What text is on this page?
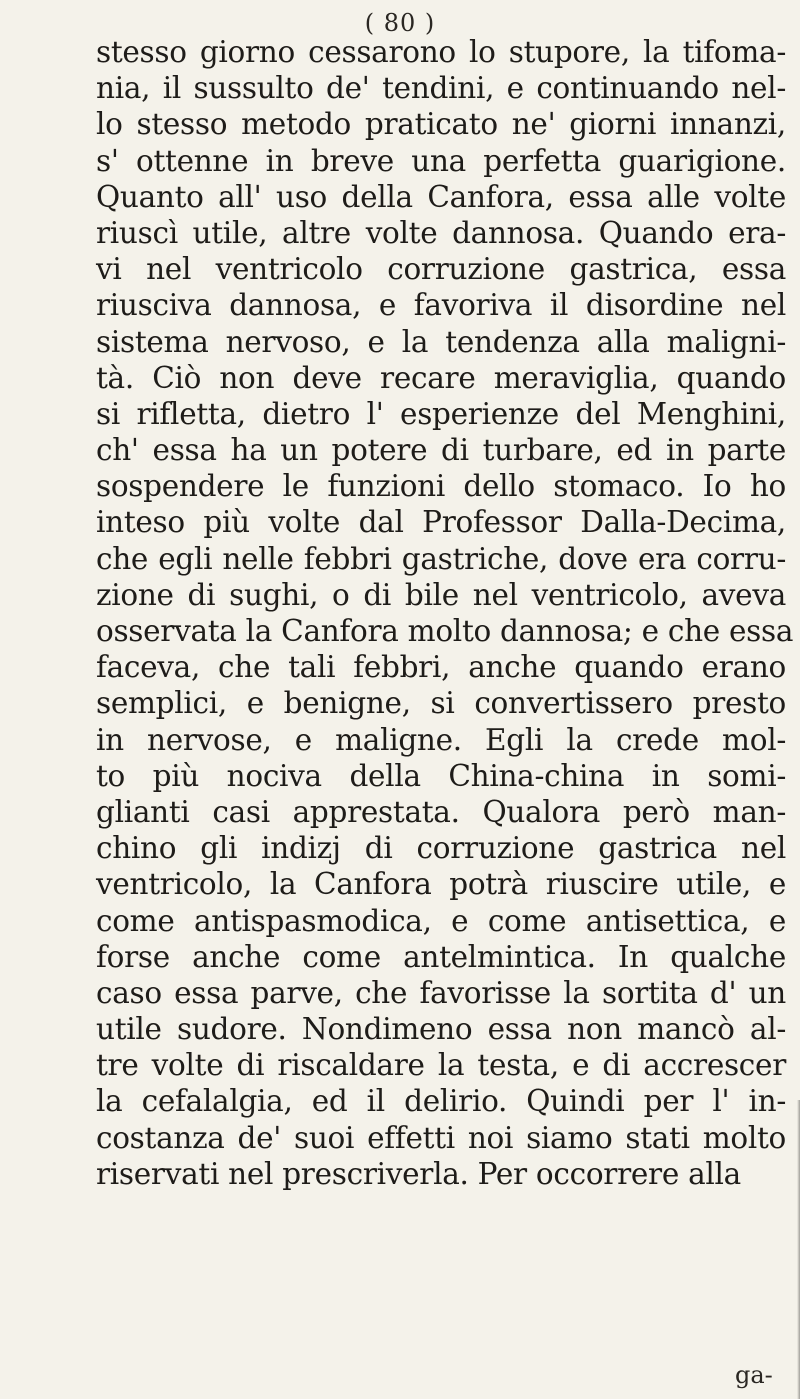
( 80 )
stesso giorno cessarono lo stupore, la tifoma-
nia, il sussulto de' tendini, e continuando nel-
lo stesso metodo praticato ne' giorni innanzi,
s' ottenne in breve una perfetta guarigione.
Quanto all' uso della Canfora, essa alle volte
riuscì utile, altre volte dannosa. Quando era-
vi nel ventricolo corruzione gastrica, essa
riusciva dannosa, e favoriva il disordine nel
sistema nervoso, e la tendenza alla maligni-
tà. Ciò non deve recare meraviglia, quando
si rifletta, dietro l' esperienze del Menghini,
ch' essa ha un potere di turbare, ed in parte
sospendere le funzioni dello stomaco. Io ho
inteso più volte dal Professor Dalla-Decima,
che egli nelle febbri gastriche, dove era corru-
zione di sughi, o di bile nel ventricolo, aveva
osservata la Canfora molto dannosa; e che essa
faceva, che tali febbri, anche quando erano
semplici, e benigne, si convertissero presto
in nervose, e maligne. Egli la crede mol-
to più nociva della China-china in somi-
glianti casi apprestata. Qualora però man-
chino gli indizj di corruzione gastrica nel
ventricolo, la Canfora potrà riuscire utile, e
come antispasmodica, e come antisettica, e
forse anche come antelmintica. In qualche
caso essa parve, che favorisse la sortita d' un
utile sudore. Nondimeno essa non mancò al-
tre volte di riscaldare la testa, e di accrescer
la cefalalgia, ed il delirio. Quindi per l' in-
costanza de' suoi effetti noi siamo stati molto
riservati nel prescriverla. Per occorrere alla
ga-
